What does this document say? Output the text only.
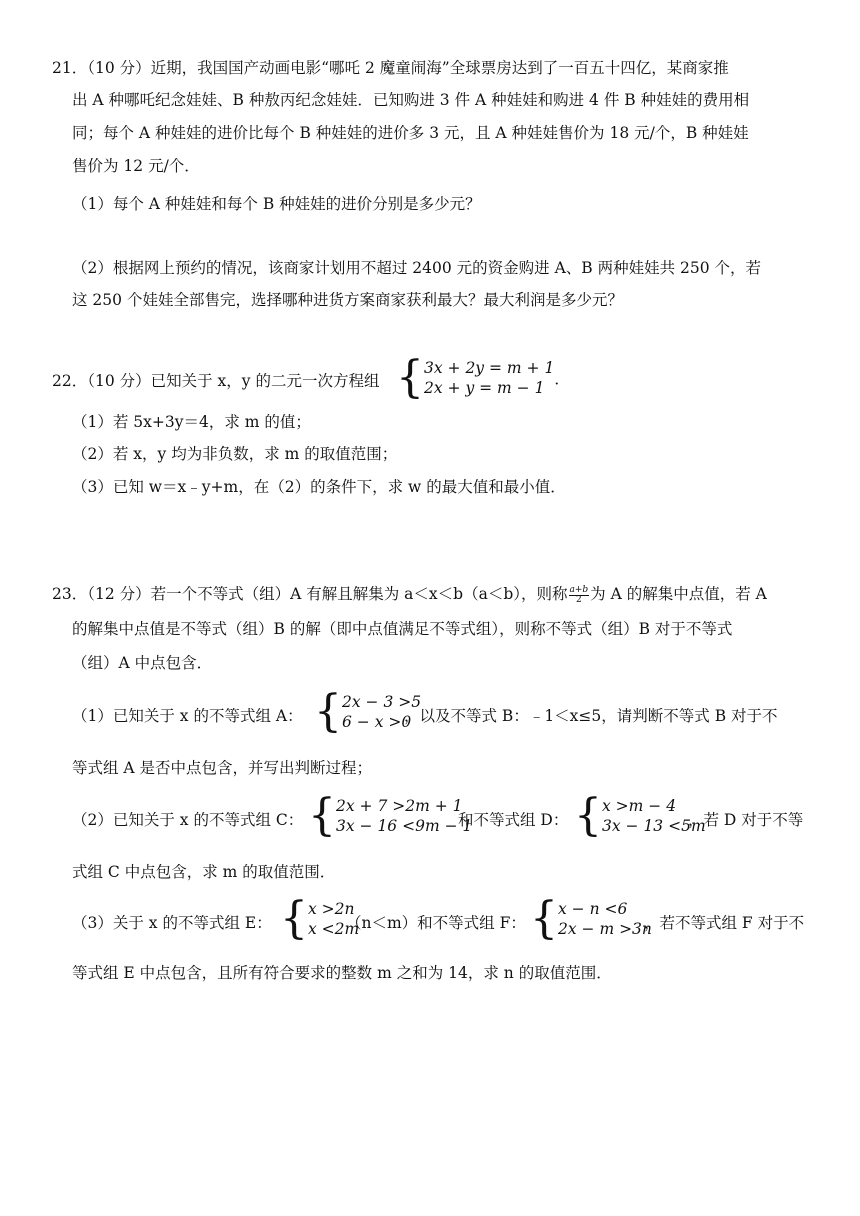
21．（10 分）近期，我国国产动画电影“哪吒 2 魔童闹海”全球票房达到了一百五十四亿，某商家推
出 A 种哪吒纪念娃娃、B 种敖丙纪念娃娃．已知购进 3 件 A 种娃娃和购进 4 件 B 种娃娃的费用相
同；每个 A 种娃娃的进价比每个 B 种娃娃的进价多 3 元，且 A 种娃娃售价为 18 元/个，B 种娃娃
售价为 12 元/个．
（1）每个 A 种娃娃和每个 B 种娃娃的进价分别是多少元？
（2）根据网上预约的情况，该商家计划用不超过 2400 元的资金购进 A、B 两种娃娃共 250 个，若
这 250 个娃娃全部售完，选择哪种进货方案商家获利最大？最大利润是多少元？
22．（10 分）已知关于 x，y 的二元一次方程组 { 3x + 2y = m + 1
2x + y = m − 1 ．
（1）若 5x+3y＝4，求 m 的值；
（2）若 x，y 均为非负数，求 m 的取值范围；
（3）已知 w＝x﹣y+m，在（2）的条件下，求 w 的最大值和最小值．
23．（12 分）若一个不等式（组）A 有解且解集为 a＜x＜b（a＜b），则称 $\frac{a+b}{2}$ 为 A 的解集中点值，若 A
的解集中点值是不等式（组）B 的解（即中点值满足不等式组），则称不等式（组）B 对于不等式
（组）A 中点包含．
（1）已知关于 x 的不等式组 A： { 2x − 3 >5
6 − x >0
，以及不等式 B：﹣1＜x≤5，请判断不等式 B 对于不
等式组 A 是否中点包含，并写出判断过程；
（2）已知关于 x 的不等式组 C： { 2x + 7 >2m + 1
3x − 16 <9m − 1
和不等式组 D： { x >m − 4
3x − 13 <5m
，若 D 对于不等
式组 C 中点包含，求 m 的取值范围．
（3）关于 x 的不等式组 E： { x >2n
x <2m
（n＜m）和不等式组 F： { x − n <6
2x − m >3n
，若不等式组 F 对于不
等式组 E 中点包含，且所有符合要求的整数 m 之和为 14，求 n 的取值范围．
